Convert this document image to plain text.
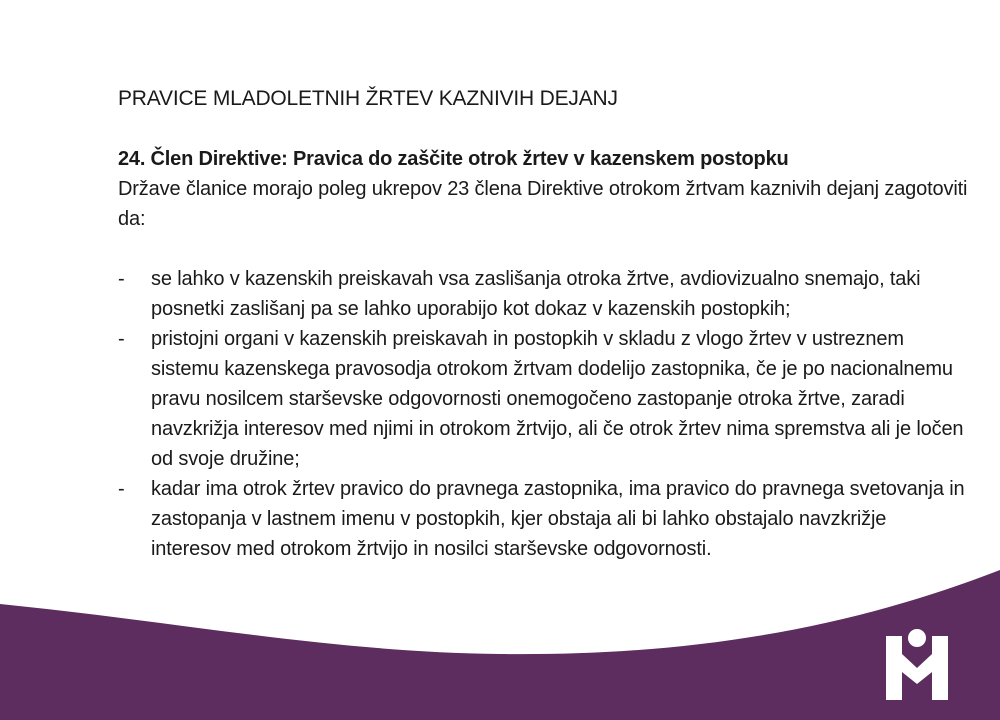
PRAVICE MLADOLETNIH ŽRTEV KAZNIVIH DEJANJ

24. Člen Direktive: Pravica do zaščite otrok žrtev v kazenskem postopku

Države članice morajo poleg ukrepov 23 člena Direktive otrokom žrtvam kaznivih dejanj zagotoviti da:

- se lahko v kazenskih preiskavah vsa zaslišanja otroka žrtve, avdiovizualno snemajo, taki posnetki zaslišanj pa se lahko uporabijo kot dokaz v kazenskih postopkih;
- pristojni organi v kazenskih preiskavah in postopkih v skladu z vlogo žrtev v ustreznem sistemu kazenskega pravosodja otrokom žrtvam dodelijo zastopnika, če je po nacionalnemu pravu nosilcem starševske odgovornosti onemogočeno zastopanje otroka žrtve, zaradi navzkrižja interesov med njimi in otrokom žrtvijo, ali če otrok žrtev nima spremstva ali je ločen od svoje družine;
- kadar ima otrok žrtev pravico do pravnega zastopnika, ima pravico do pravnega svetovanja in zastopanja v lastnem imenu v postopkih, kjer obstaja ali bi lahko obstajalo navzkrižje interesov med otrokom žrtvijo in nosilci starševske odgovornosti.
